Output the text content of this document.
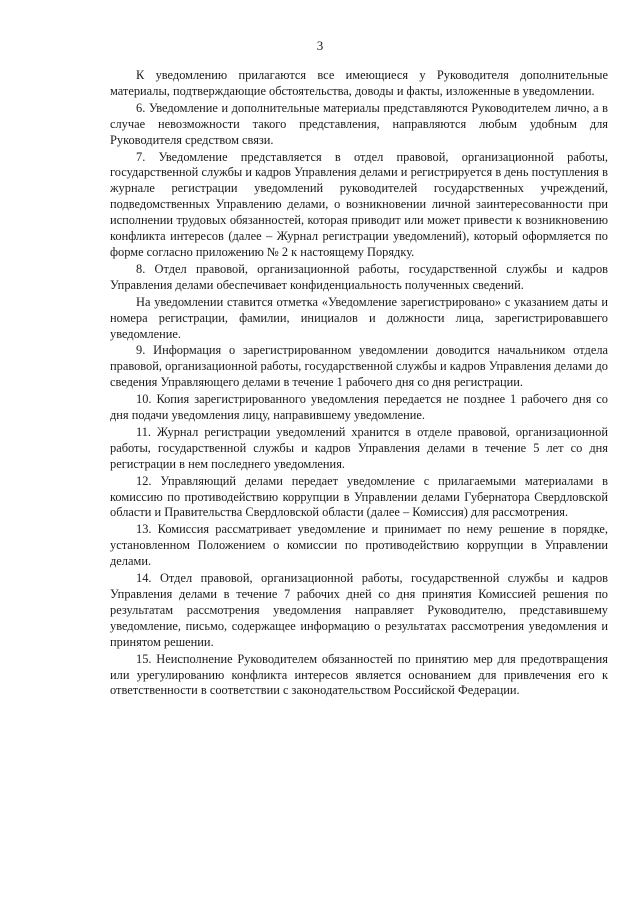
3

К уведомлению прилагаются все имеющиеся у Руководителя дополнительные материалы, подтверждающие обстоятельства, доводы и факты, изложенные в уведомлении.

6. Уведомление и дополнительные материалы представляются Руководителем лично, а в случае невозможности такого представления, направляются любым удобным для Руководителя средством связи.

7. Уведомление представляется в отдел правовой, организационной работы, государственной службы и кадров Управления делами и регистрируется в день поступления в журнале регистрации уведомлений руководителей государственных учреждений, подведомственных Управлению делами, о возникновении личной заинтересованности при исполнении трудовых обязанностей, которая приводит или может привести к возникновению конфликта интересов (далее – Журнал регистрации уведомлений), который оформляется по форме согласно приложению № 2 к настоящему Порядку.

8. Отдел правовой, организационной работы, государственной службы и кадров Управления делами обеспечивает конфиденциальность полученных сведений.

На уведомлении ставится отметка «Уведомление зарегистрировано» с указанием даты и номера регистрации, фамилии, инициалов и должности лица, зарегистрировавшего уведомление.

9. Информация о зарегистрированном уведомлении доводится начальником отдела правовой, организационной работы, государственной службы и кадров Управления делами до сведения Управляющего делами в течение 1 рабочего дня со дня регистрации.

10. Копия зарегистрированного уведомления передается не позднее 1 рабочего дня со дня подачи уведомления лицу, направившему уведомление.

11. Журнал регистрации уведомлений хранится в отделе правовой, организационной работы, государственной службы и кадров Управления делами в течение 5 лет со дня регистрации в нем последнего уведомления.

12. Управляющий делами передает уведомление с прилагаемыми материалами в комиссию по противодействию коррупции в Управлении делами Губернатора Свердловской области и Правительства Свердловской области (далее – Комиссия) для рассмотрения.

13. Комиссия рассматривает уведомление и принимает по нему решение в порядке, установленном Положением о комиссии по противодействию коррупции в Управлении делами.

14. Отдел правовой, организационной работы, государственной службы и кадров Управления делами в течение 7 рабочих дней со дня принятия Комиссией решения по результатам рассмотрения уведомления направляет Руководителю, представившему уведомление, письмо, содержащее информацию о результатах рассмотрения уведомления и принятом решении.

15. Неисполнение Руководителем обязанностей по принятию мер для предотвращения или урегулированию конфликта интересов является основанием для привлечения его к ответственности в соответствии с законодательством Российской Федерации.
